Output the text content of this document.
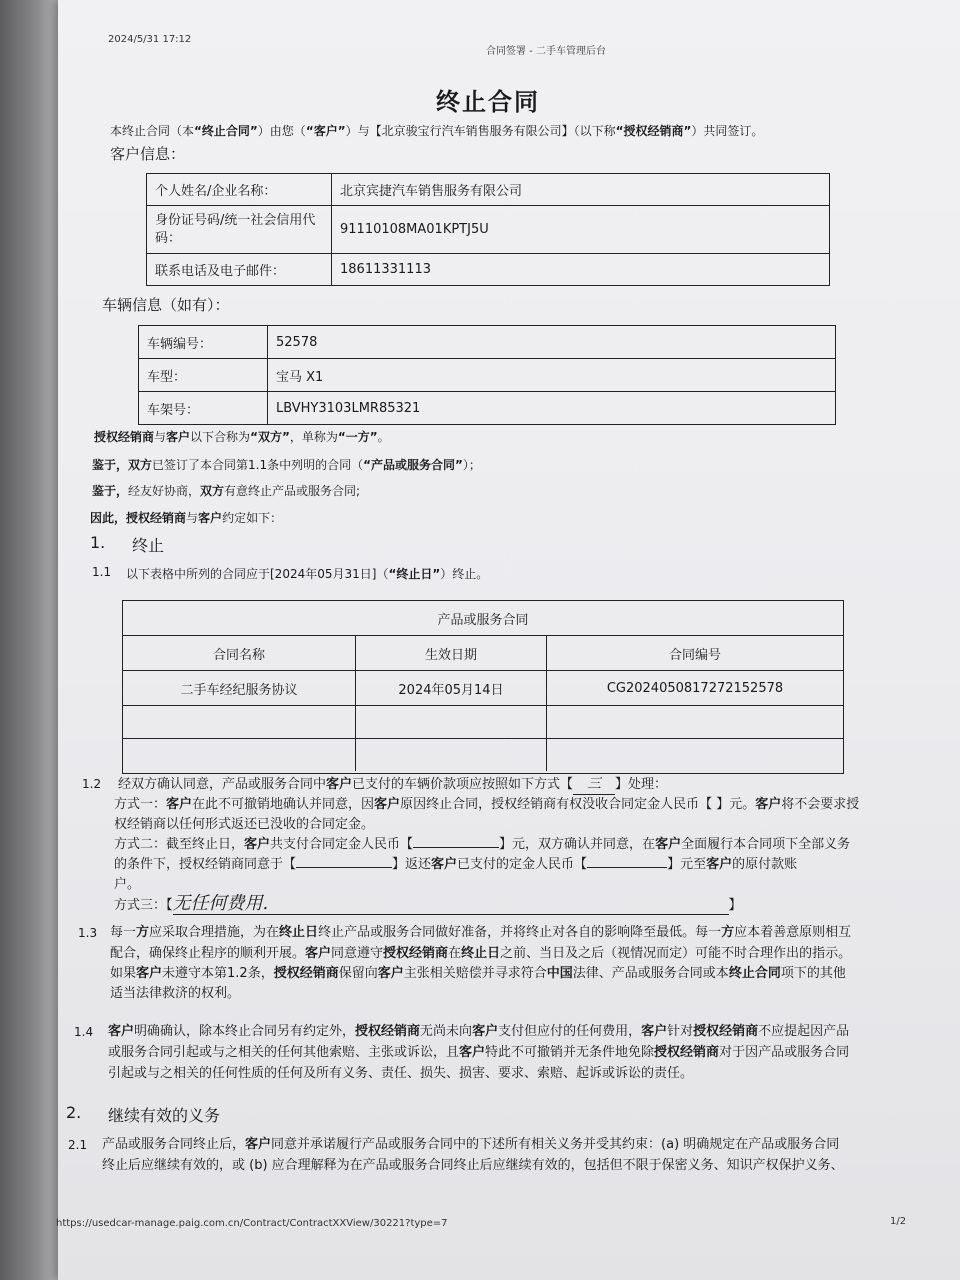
2024/5/31 17:12
合同签署 - 二手车管理后台
终止合同
本终止合同（本“终止合同”）由您（“客户”）与【北京骏宝行汽车销售服务有限公司】（以下称“授权经销商”）共同签订。
客户信息：
个人姓名/企业名称：	北京宾捷汽车销售服务有限公司
身份证号码/统一社会信用代码：	91110108MA01KPTJ5U
联系电话及电子邮件：	18611331113
车辆信息（如有）：
车辆编号：	52578
车型：	宝马 X1
车架号：	LBVHY3103LMR85321
授权经销商与客户以下合称为“双方”，单称为“一方”。
鉴于，双方已签订了本合同第1.1条中列明的合同（“产品或服务合同”）；
鉴于，经友好协商，双方有意终止产品或服务合同;
因此，授权经销商与客户约定如下：
1. 终止
1.1 以下表格中所列的合同应于[2024年05月31日]（“终止日”）终止。
产品或服务合同
合同名称	生效日期	合同编号
二手车经纪服务协议	2024年05月14日	CG2024050817272152578
1.2 经双方确认同意，产品或服务合同中客户已支付的车辆价款项应按照如下方式【 三 】处理：
方式一：客户在此不可撤销地确认并同意，因客户原因终止合同，授权经销商有权没收合同定金人民币【 】元。客户将不会要求授
权经销商以任何形式返还已没收的合同定金。
方式二：截至终止日，客户共支付合同定金人民币【	】元，双方确认并同意，在客户全面履行本合同项下全部义务
的条件下，授权经销商同意于【	】返还客户已支付的定金人民币【	】元至客户的原付款账
户。
方式三：【无任何费用.	】
1.3 每一方应采取合理措施，为在终止日终止产品或服务合同做好准备，并将终止对各自的影响降至最低。每一方应本着善意原则相互
配合，确保终止程序的顺利开展。客户同意遵守授权经销商在终止日之前、当日及之后（视情况而定）可能不时合理作出的指示。
如果客户未遵守本第1.2条，授权经销商保留向客户主张相关赔偿并寻求符合中国法律、产品或服务合同或本终止合同项下的其他
适当法律救济的权利。
1.4 客户明确确认，除本终止合同另有约定外，授权经销商无尚未向客户支付但应付的任何费用，客户针对授权经销商不应提起因产品
或服务合同引起或与之相关的任何其他索赔、主张或诉讼，且客户特此不可撤销并无条件地免除授权经销商对于因产品或服务合同
引起或与之相关的任何性质的任何及所有义务、责任、损失、损害、要求、索赔、起诉或诉讼的责任。
2. 继续有效的义务
2.1 产品或服务合同终止后，客户同意并承诺履行产品或服务合同中的下述所有相关义务并受其约束：(a) 明确规定在产品或服务合同
终止后应继续有效的，或 (b) 应合理解释为在产品或服务合同终止后应继续有效的，包括但不限于保密义务、知识产权保护义务、
https://usedcar-manage.paig.com.cn/Contract/ContractXXView/30221?type=7	1/2
